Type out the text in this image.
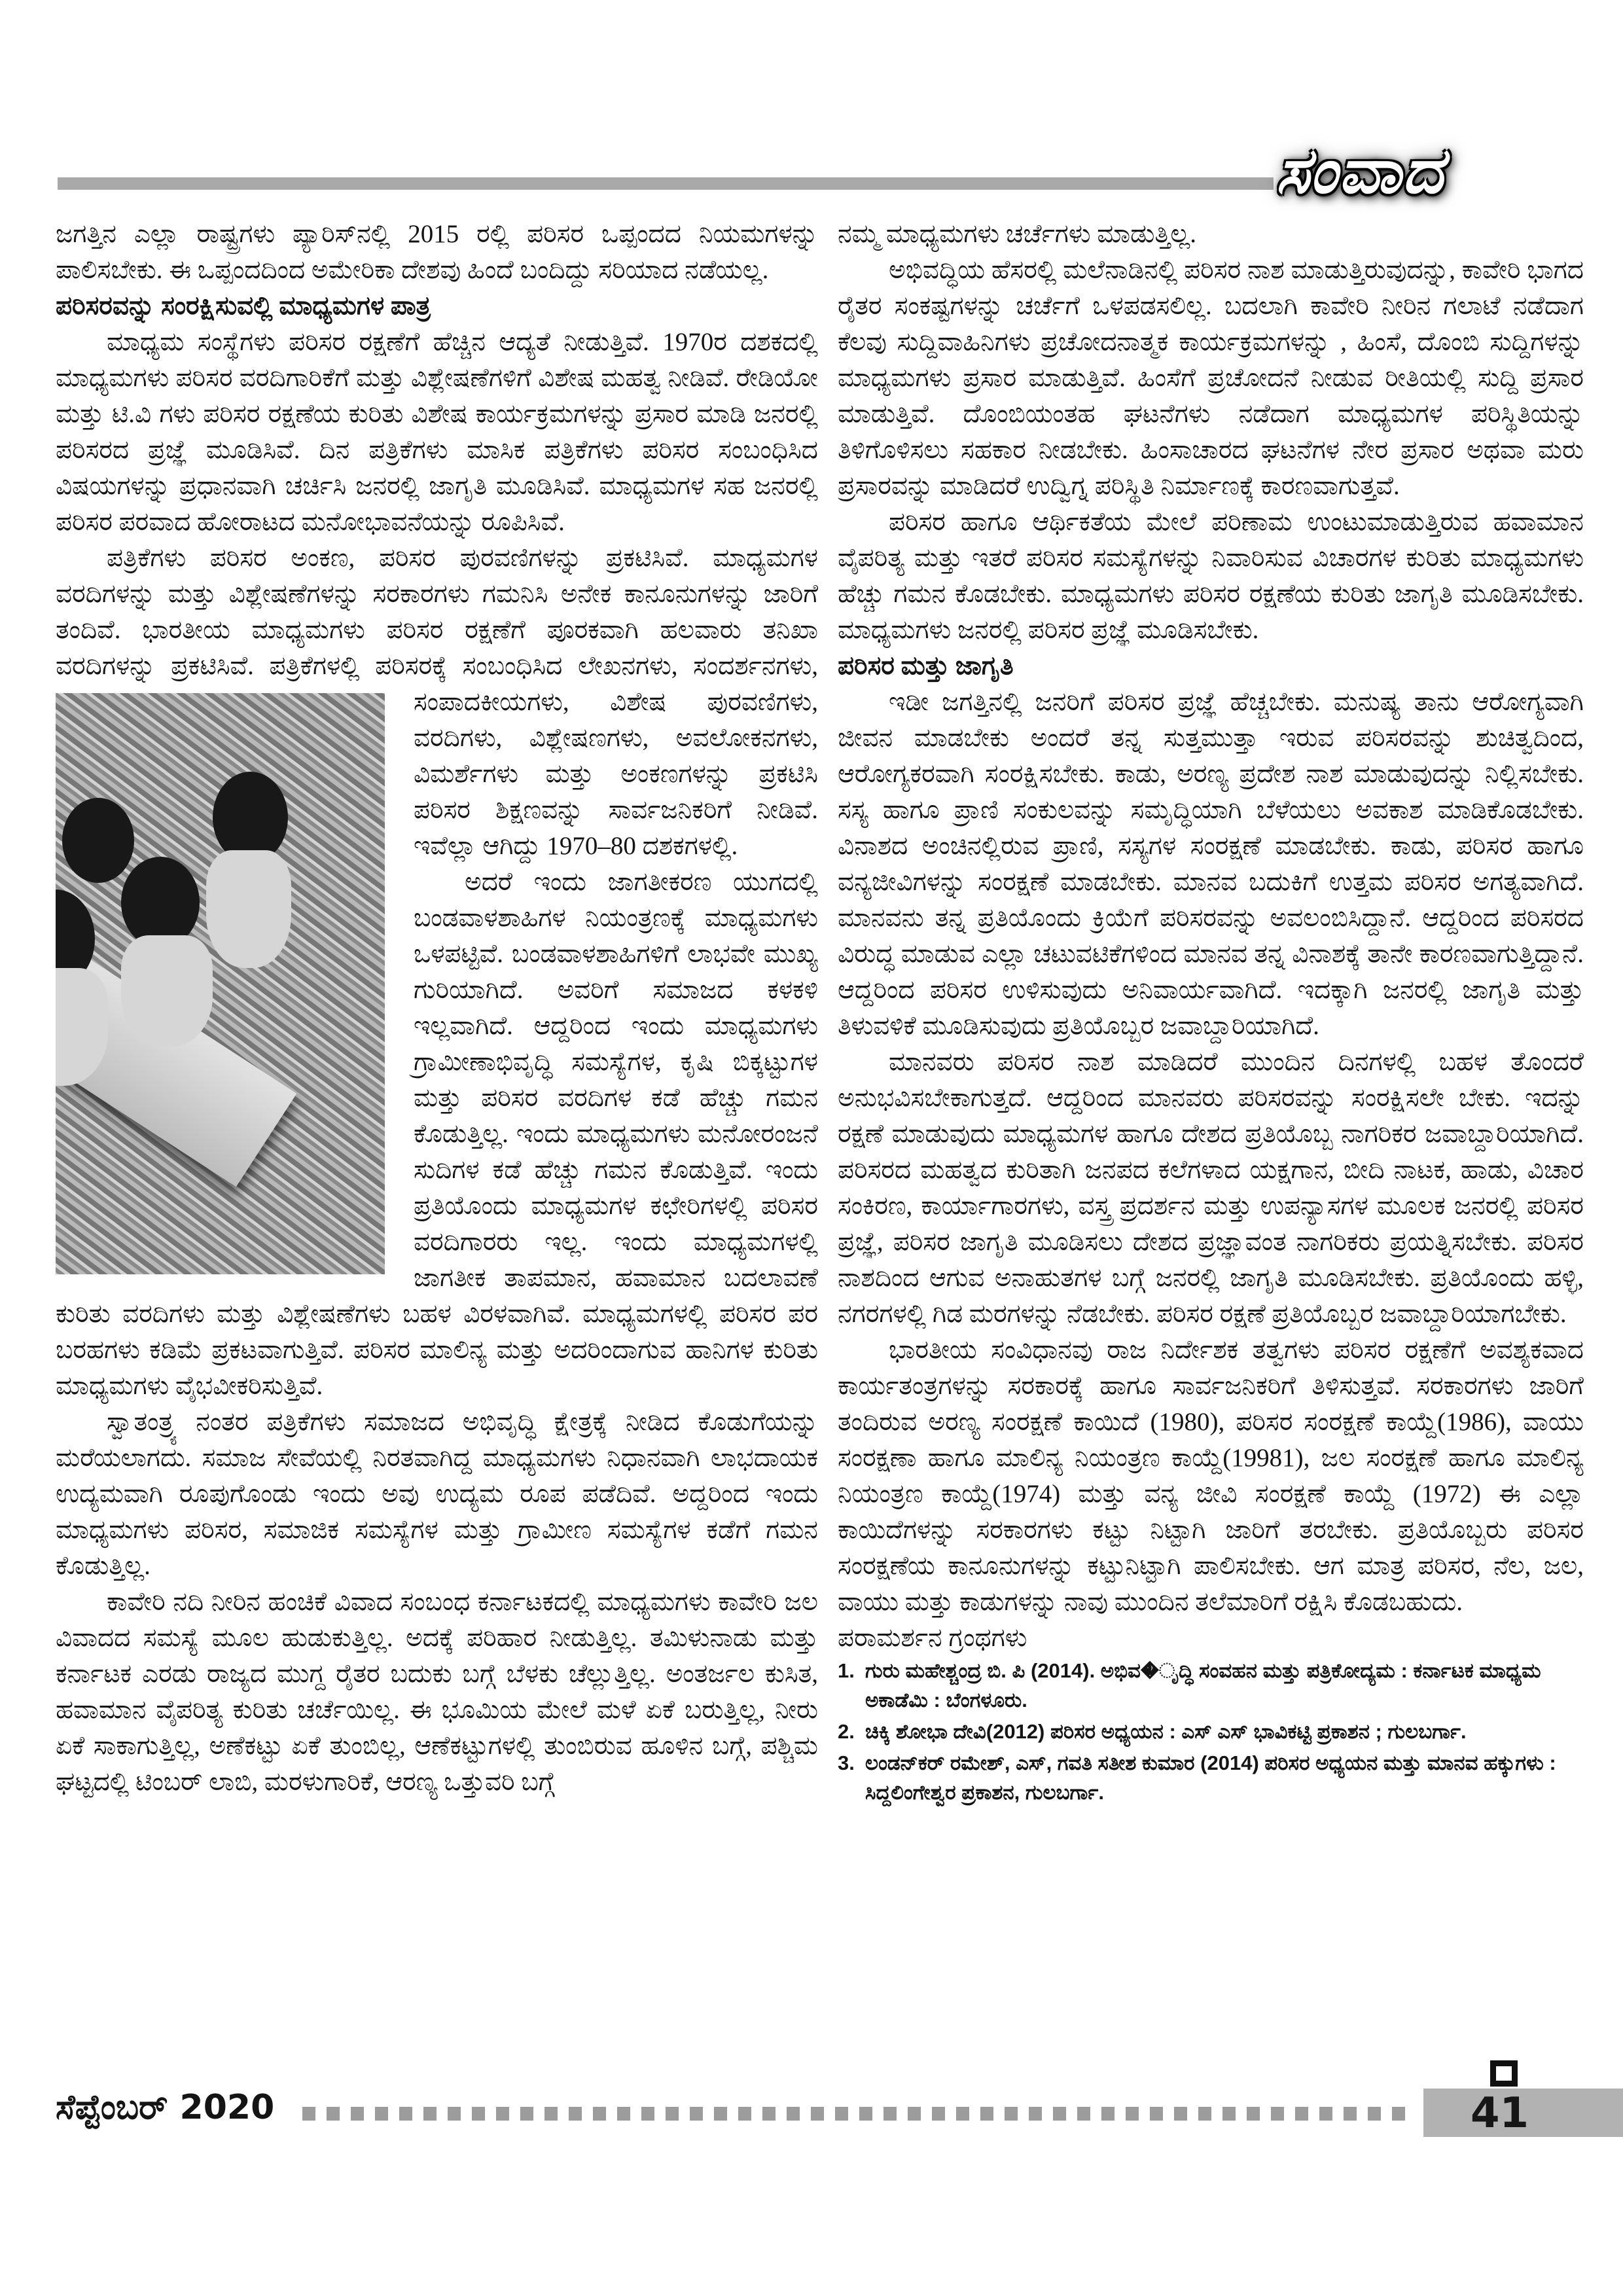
ಸಂವಾದ

ಜಗತ್ತಿನ ಎಲ್ಲಾ ರಾಷ್ಟ್ರಗಳು ಪ್ಯಾರಿಸ್‌ನಲ್ಲಿ 2015 ರಲ್ಲಿ ಪರಿಸರ ಒಪ್ಪಂದದ ನಿಯಮಗಳನ್ನು ಪಾಲಿಸಬೇಕು. ಈ ಒಪ್ಪಂದದಿಂದ ಅಮೇರಿಕಾ ದೇಶವು ಹಿಂದೆ ಬಂದಿದ್ದು ಸರಿಯಾದ ನಡೆಯಲ್ಲ.

ಪರಿಸರವನ್ನು ಸಂರಕ್ಷಿಸುವಲ್ಲಿ ಮಾಧ್ಯಮಗಳ ಪಾತ್ರ

ಮಾಧ್ಯಮ ಸಂಸ್ಥೆಗಳು ಪರಿಸರ ರಕ್ಷಣೆಗೆ ಹೆಚ್ಚಿನ ಆದ್ಯತೆ ನೀಡುತ್ತಿವೆ. 1970ರ ದಶಕದಲ್ಲಿ ಮಾಧ್ಯಮಗಳು ಪರಿಸರ ವರದಿಗಾರಿಕೆಗೆ ಮತ್ತು ವಿಶ್ಲೇಷಣೆಗಳಿಗೆ ವಿಶೇಷ ಮಹತ್ವ ನೀಡಿವೆ. ರೇಡಿಯೋ ಮತ್ತು ಟಿ.ವಿ ಗಳು ಪರಿಸರ ರಕ್ಷಣೆಯ ಕುರಿತು ವಿಶೇಷ ಕಾರ್ಯಕ್ರಮಗಳನ್ನು ಪ್ರಸಾರ ಮಾಡಿ ಜನರಲ್ಲಿ ಪರಿಸರದ ಪ್ರಜ್ಞೆ ಮೂಡಿಸಿವೆ. ದಿನ ಪತ್ರಿಕೆಗಳು ಮಾಸಿಕ ಪತ್ರಿಕೆಗಳು ಪರಿಸರ ಸಂಬಂಧಿಸಿದ ವಿಷಯಗಳನ್ನು ಪ್ರಧಾನವಾಗಿ ಚರ್ಚಿಸಿ ಜನರಲ್ಲಿ ಜಾಗೃತಿ ಮೂಡಿಸಿವೆ. ಮಾಧ್ಯಮಗಳ ಸಹ ಜನರಲ್ಲಿ ಪರಿಸರ ಪರವಾದ ಹೋರಾಟದ ಮನೋಭಾವನೆಯನ್ನು ರೂಪಿಸಿವೆ.

ಪತ್ರಿಕೆಗಳು ಪರಿಸರ ಅಂಕಣ, ಪರಿಸರ ಪುರವಣಿಗಳನ್ನು ಪ್ರಕಟಿಸಿವೆ. ಮಾಧ್ಯಮಗಳ ವರದಿಗಳನ್ನು ಮತ್ತು ವಿಶ್ಲೇಷಣೆಗಳನ್ನು ಸರಕಾರಗಳು ಗಮನಿಸಿ ಅನೇಕ ಕಾನೂನುಗಳನ್ನು ಜಾರಿಗೆ ತಂದಿವೆ. ಭಾರತೀಯ ಮಾಧ್ಯಮಗಳು ಪರಿಸರ ರಕ್ಷಣೆಗೆ ಪೂರಕವಾಗಿ ಹಲವಾರು ತನಿಖಾ ವರದಿಗಳನ್ನು ಪ್ರಕಟಿಸಿವೆ. ಪತ್ರಿಕೆಗಳಲ್ಲಿ ಪರಿಸರಕ್ಕೆ ಸಂಬಂಧಿಸಿದ ಲೇಖನಗಳು, ಸಂದರ್ಶನಗಳು, ಸಂಪಾದಕೀಯಗಳು, ವಿಶೇಷ ಪುರವಣಿಗಳು, ವರದಿಗಳು, ವಿಶ್ಲೇಷಣಗಳು, ಅವಲೋಕನಗಳು, ವಿಮರ್ಶೆಗಳು ಮತ್ತು ಅಂಕಣಗಳನ್ನು ಪ್ರಕಟಿಸಿ ಪರಿಸರ ಶಿಕ್ಷಣವನ್ನು ಸಾರ್ವಜನಿಕರಿಗೆ ನೀಡಿವೆ. ಇವೆಲ್ಲಾ ಆಗಿದ್ದು 1970–80 ದಶಕಗಳಲ್ಲಿ.

ಅದರೆ ಇಂದು ಜಾಗತೀಕರಣ ಯುಗದಲ್ಲಿ ಬಂಡವಾಳಶಾಹಿಗಳ ನಿಯಂತ್ರಣಕ್ಕೆ ಮಾಧ್ಯಮಗಳು ಒಳಪಟ್ಟಿವೆ. ಬಂಡವಾಳಶಾಹಿಗಳಿಗೆ ಲಾಭವೇ ಮುಖ್ಯ ಗುರಿಯಾಗಿದೆ. ಅವರಿಗೆ ಸಮಾಜದ ಕಳಕಳಿ ಇಲ್ಲವಾಗಿದೆ. ಆದ್ದರಿಂದ ಇಂದು ಮಾಧ್ಯಮಗಳು ಗ್ರಾಮೀಣಾಭಿವೃದ್ಧಿ ಸಮಸ್ಯೆಗಳ, ಕೃಷಿ ಬಿಕ್ಕಟ್ಟುಗಳ ಮತ್ತು ಪರಿಸರ ವರದಿಗಳ ಕಡೆ ಹೆಚ್ಚು ಗಮನ ಕೊಡುತ್ತಿಲ್ಲ. ಇಂದು ಮಾಧ್ಯಮಗಳು ಮನೋರಂಜನೆ ಸುದಿಗಳ ಕಡೆ ಹೆಚ್ಚು ಗಮನ ಕೊಡುತ್ತಿವೆ. ಇಂದು ಪ್ರತಿಯೊಂದು ಮಾಧ್ಯಮಗಳ ಕಛೇರಿಗಳಲ್ಲಿ ಪರಿಸರ ವರದಿಗಾರರು ಇಲ್ಲ. ಇಂದು ಮಾಧ್ಯಮಗಳಲ್ಲಿ ಜಾಗತೀಕ ತಾಪಮಾನ, ಹವಾಮಾನ ಬದಲಾವಣೆ ಕುರಿತು ವರದಿಗಳು ಮತ್ತು ವಿಶ್ಲೇಷಣೆಗಳು ಬಹಳ ವಿರಳವಾಗಿವೆ. ಮಾಧ್ಯಮಗಳಲ್ಲಿ ಪರಿಸರ ಪರ ಬರಹಗಳು ಕಡಿಮೆ ಪ್ರಕಟವಾಗುತ್ತಿವೆ. ಪರಿಸರ ಮಾಲಿನ್ಯ ಮತ್ತು ಅದರಿಂದಾಗುವ ಹಾನಿಗಳ ಕುರಿತು ಮಾಧ್ಯಮಗಳು ವೈಭವೀಕರಿಸುತ್ತಿವೆ.

ಸ್ವಾತಂತ್ರ್ಯ ನಂತರ ಪತ್ರಿಕೆಗಳು ಸಮಾಜದ ಅಭಿವೃದ್ಧಿ ಕ್ಷೇತ್ರಕ್ಕೆ ನೀಡಿದ ಕೊಡುಗೆಯನ್ನು ಮರೆಯಲಾಗದು. ಸಮಾಜ ಸೇವೆಯಲ್ಲಿ ನಿರತವಾಗಿದ್ದ ಮಾಧ್ಯಮಗಳು ನಿಧಾನವಾಗಿ ಲಾಭದಾಯಕ ಉದ್ಯಮವಾಗಿ ರೂಪುಗೊಂಡು ಇಂದು ಅವು ಉದ್ಯಮ ರೂಪ ಪಡೆದಿವೆ. ಅದ್ದರಿಂದ ಇಂದು ಮಾಧ್ಯಮಗಳು ಪರಿಸರ, ಸಮಾಜಿಕ ಸಮಸ್ಯೆಗಳ ಮತ್ತು ಗ್ರಾಮೀಣ ಸಮಸ್ಯೆಗಳ ಕಡೆಗೆ ಗಮನ ಕೊಡುತ್ತಿಲ್ಲ.

ಕಾವೇರಿ ನದಿ ನೀರಿನ ಹಂಚಿಕೆ ವಿವಾದ ಸಂಬಂಧ ಕರ್ನಾಟಕದಲ್ಲಿ ಮಾಧ್ಯಮಗಳು ಕಾವೇರಿ ಜಲ ವಿವಾದದ ಸಮಸ್ಯೆ ಮೂಲ ಹುಡುಕುತ್ತಿಲ್ಲ. ಅದಕ್ಕೆ ಪರಿಹಾರ ನೀಡುತ್ತಿಲ್ಲ. ತಮಿಳುನಾಡು ಮತ್ತು ಕರ್ನಾಟಕ ಎರಡು ರಾಜ್ಯದ ಮುಗ್ದ ರೈತರ ಬದುಕು ಬಗ್ಗೆ ಬೆಳಕು ಚೆಲ್ಲುತ್ತಿಲ್ಲ. ಅಂತರ್ಜಲ ಕುಸಿತ, ಹವಾಮಾನ ವೈಪರಿತ್ಯ ಕುರಿತು ಚರ್ಚೆಯಿಲ್ಲ. ಈ ಭೂಮಿಯ ಮೇಲೆ ಮಳೆ ಏಕೆ ಬರುತ್ತಿಲ್ಲ, ನೀರು ಏಕೆ ಸಾಕಾಗುತ್ತಿಲ್ಲ, ಅಣೆಕಟ್ಟು ಏಕೆ ತುಂಬಿಲ್ಲ, ಆಣೆಕಟ್ಟುಗಳಲ್ಲಿ ತುಂಬಿರುವ ಹೂಳಿನ ಬಗ್ಗೆ, ಪಶ್ಚಿಮ ಘಟ್ಟದಲ್ಲಿ ಟಿಂಬರ್ ಲಾಬಿ, ಮರಳುಗಾರಿಕೆ, ಆರಣ್ಯ ಒತ್ತುವರಿ ಬಗ್ಗೆ

ನಮ್ಮ ಮಾಧ್ಯಮಗಳು ಚರ್ಚೆಗಳು ಮಾಡುತ್ತಿಲ್ಲ.

ಅಭಿವದ್ಧಿಯ ಹೆಸರಲ್ಲಿ ಮಲೆನಾಡಿನಲ್ಲಿ ಪರಿಸರ ನಾಶ ಮಾಡುತ್ತಿರುವುದನ್ನು, ಕಾವೇರಿ ಭಾಗದ ರೈತರ ಸಂಕಷ್ಟಗಳನ್ನು ಚರ್ಚೆಗೆ ಒಳಪಡಸಲಿಲ್ಲ. ಬದಲಾಗಿ ಕಾವೇರಿ ನೀರಿನ ಗಲಾಟೆ ನಡೆದಾಗ ಕೆಲವು ಸುದ್ದಿವಾಹಿನಿಗಳು ಪ್ರಚೋದನಾತ್ಮಕ ಕಾರ್ಯಕ್ರಮಗಳನ್ನು , ಹಿಂಸೆ, ದೊಂಬಿ ಸುದ್ದಿಗಳನ್ನು ಮಾಧ್ಯಮಗಳು ಪ್ರಸಾರ ಮಾಡುತ್ತಿವೆ. ಹಿಂಸೆಗೆ ಪ್ರಚೋದನೆ ನೀಡುವ ರೀತಿಯಲ್ಲಿ ಸುದ್ದಿ ಪ್ರಸಾರ ಮಾಡುತ್ತಿವೆ. ದೊಂಬಿಯಂತಹ ಘಟನೆಗಳು ನಡೆದಾಗ ಮಾಧ್ಯಮಗಳ ಪರಿಸ್ಥಿತಿಯನ್ನು ತಿಳಿಗೊಳಿಸಲು ಸಹಕಾರ ನೀಡಬೇಕು. ಹಿಂಸಾಚಾರದ ಘಟನೆಗಳ ನೇರ ಪ್ರಸಾರ ಅಥವಾ ಮರು ಪ್ರಸಾರವನ್ನು ಮಾಡಿದರೆ ಉದ್ವಿಗ್ನ ಪರಿಸ್ಥಿತಿ ನಿರ್ಮಾಣಕ್ಕೆ ಕಾರಣವಾಗುತ್ತವೆ.

ಪರಿಸರ ಹಾಗೂ ಆರ್ಥಿಕತೆಯ ಮೇಲೆ ಪರಿಣಾಮ ಉಂಟುಮಾಡುತ್ತಿರುವ ಹವಾಮಾನ ವೈಪರಿತ್ಯ ಮತ್ತು ಇತರೆ ಪರಿಸರ ಸಮಸ್ಯೆಗಳನ್ನು ನಿವಾರಿಸುವ ವಿಚಾರಗಳ ಕುರಿತು ಮಾಧ್ಯಮಗಳು ಹೆಚ್ಚು ಗಮನ ಕೊಡಬೇಕು. ಮಾಧ್ಯಮಗಳು ಪರಿಸರ ರಕ್ಷಣೆಯ ಕುರಿತು ಜಾಗೃತಿ ಮೂಡಿಸಬೇಕು. ಮಾಧ್ಯಮಗಳು ಜನರಲ್ಲಿ ಪರಿಸರ ಪ್ರಜ್ಞೆ ಮೂಡಿಸಬೇಕು.

ಪರಿಸರ ಮತ್ತು ಜಾಗೃತಿ

ಇಡೀ ಜಗತ್ತಿನಲ್ಲಿ ಜನರಿಗೆ ಪರಿಸರ ಪ್ರಜ್ಞೆ ಹೆಚ್ಚಬೇಕು. ಮನುಷ್ಯ ತಾನು ಆರೋಗ್ಯವಾಗಿ ಜೀವನ ಮಾಡಬೇಕು ಅಂದರೆ ತನ್ನ ಸುತ್ತಮುತ್ತಾ ಇರುವ ಪರಿಸರವನ್ನು ಶುಚಿತ್ವದಿಂದ, ಆರೋಗ್ಯಕರವಾಗಿ ಸಂರಕ್ಷಿಸಬೇಕು. ಕಾಡು, ಅರಣ್ಯ ಪ್ರದೇಶ ನಾಶ ಮಾಡುವುದನ್ನು ನಿಲ್ಲಿಸಬೇಕು. ಸಸ್ಯ ಹಾಗೂ ಪ್ರಾಣಿ ಸಂಕುಲವನ್ನು ಸಮೃದ್ಧಿಯಾಗಿ ಬೆಳೆಯಲು ಅವಕಾಶ ಮಾಡಿಕೊಡಬೇಕು. ವಿನಾಶದ ಅಂಚಿನಲ್ಲಿರುವ ಪ್ರಾಣಿ, ಸಸ್ಯಗಳ ಸಂರಕ್ಷಣೆ ಮಾಡಬೇಕು. ಕಾಡು, ಪರಿಸರ ಹಾಗೂ ವನ್ಯಜೀವಿಗಳನ್ನು ಸಂರಕ್ಷಣೆ ಮಾಡಬೇಕು. ಮಾನವ ಬದುಕಿಗೆ ಉತ್ತಮ ಪರಿಸರ ಅಗತ್ಯವಾಗಿದೆ. ಮಾನವನು ತನ್ನ ಪ್ರತಿಯೊಂದು ಕ್ರಿಯೆಗೆ ಪರಿಸರವನ್ನು ಅವಲಂಬಿಸಿದ್ದಾನೆ. ಆದ್ದರಿಂದ ಪರಿಸರದ ವಿರುದ್ಧ ಮಾಡುವ ಎಲ್ಲಾ ಚಟುವಟಿಕೆಗಳಿಂದ ಮಾನವ ತನ್ನ ವಿನಾಶಕ್ಕೆ ತಾನೇ ಕಾರಣವಾಗುತ್ತಿದ್ದಾನೆ. ಆದ್ದರಿಂದ ಪರಿಸರ ಉಳಿಸುವುದು ಅನಿವಾರ್ಯವಾಗಿದೆ. ಇದಕ್ಕಾಗಿ ಜನರಲ್ಲಿ ಜಾಗೃತಿ ಮತ್ತು ತಿಳುವಳಿಕೆ ಮೂಡಿಸುವುದು ಪ್ರತಿಯೊಬ್ಬರ ಜವಾಬ್ದಾರಿಯಾಗಿದೆ.

ಮಾನವರು ಪರಿಸರ ನಾಶ ಮಾಡಿದರೆ ಮುಂದಿನ ದಿನಗಳಲ್ಲಿ ಬಹಳ ತೊಂದರೆ ಅನುಭವಿಸಬೇಕಾಗುತ್ತದೆ. ಆದ್ದರಿಂದ ಮಾನವರು ಪರಿಸರವನ್ನು ಸಂರಕ್ಷಿಸಲೇ ಬೇಕು. ಇದನ್ನು ರಕ್ಷಣೆ ಮಾಡುವುದು ಮಾಧ್ಯಮಗಳ ಹಾಗೂ ದೇಶದ ಪ್ರತಿಯೊಬ್ಬ ನಾಗರಿಕರ ಜವಾಬ್ದಾರಿಯಾಗಿದೆ. ಪರಿಸರದ ಮಹತ್ವದ ಕುರಿತಾಗಿ ಜನಪದ ಕಲೆಗಳಾದ ಯಕ್ಷಗಾನ, ಬೀದಿ ನಾಟಕ, ಹಾಡು, ವಿಚಾರ ಸಂಕಿರಣ, ಕಾರ್ಯಾಗಾರಗಳು, ವಸ್ತ್ರ ಪ್ರದರ್ಶನ ಮತ್ತು ಉಪನ್ಯಾಸಗಳ ಮೂಲಕ ಜನರಲ್ಲಿ ಪರಿಸರ ಪ್ರಜ್ಞೆ, ಪರಿಸರ ಜಾಗೃತಿ ಮೂಡಿಸಲು ದೇಶದ ಪ್ರಜ್ಞಾವಂತ ನಾಗರಿಕರು ಪ್ರಯತ್ನಿಸಬೇಕು. ಪರಿಸರ ನಾಶದಿಂದ ಆಗುವ ಅನಾಹುತಗಳ ಬಗ್ಗೆ ಜನರಲ್ಲಿ ಜಾಗೃತಿ ಮೂಡಿಸಬೇಕು. ಪ್ರತಿಯೊಂದು ಹಳ್ಳಿ, ನಗರಗಳಲ್ಲಿ ಗಿಡ ಮರಗಳನ್ನು ನೆಡಬೇಕು. ಪರಿಸರ ರಕ್ಷಣೆ ಪ್ರತಿಯೊಬ್ಬರ ಜವಾಬ್ದಾರಿಯಾಗಬೇಕು.

ಭಾರತೀಯ ಸಂವಿಧಾನವು ರಾಜ ನಿರ್ದೇಶಕ ತತ್ವಗಳು ಪರಿಸರ ರಕ್ಷಣೆಗೆ ಅವಶ್ಯಕವಾದ ಕಾರ್ಯತಂತ್ರಗಳನ್ನು ಸರಕಾರಕ್ಕೆ ಹಾಗೂ ಸಾರ್ವಜನಿಕರಿಗೆ ತಿಳಿಸುತ್ತವೆ. ಸರಕಾರಗಳು ಜಾರಿಗೆ ತಂದಿರುವ ಅರಣ್ಯ ಸಂರಕ್ಷಣೆ ಕಾಯಿದೆ (1980), ಪರಿಸರ ಸಂರಕ್ಷಣೆ ಕಾಯ್ದೆ(1986), ವಾಯು ಸಂರಕ್ಷಣಾ ಹಾಗೂ ಮಾಲಿನ್ಯ ನಿಯಂತ್ರಣ ಕಾಯ್ದೆ(19981), ಜಲ ಸಂರಕ್ಷಣೆ ಹಾಗೂ ಮಾಲಿನ್ಯ ನಿಯಂತ್ರಣ ಕಾಯ್ದೆ(1974) ಮತ್ತು ವನ್ಯ ಜೀವಿ ಸಂರಕ್ಷಣೆ ಕಾಯ್ದೆ (1972) ಈ ಎಲ್ಲಾ ಕಾಯಿದೆಗಳನ್ನು ಸರಕಾರಗಳು ಕಟ್ಟು ನಿಟ್ಟಾಗಿ ಜಾರಿಗೆ ತರಬೇಕು. ಪ್ರತಿಯೊಬ್ಬರು ಪರಿಸರ ಸಂರಕ್ಷಣೆಯ ಕಾನೂನುಗಳನ್ನು ಕಟ್ಟುನಿಟ್ಟಾಗಿ ಪಾಲಿಸಬೇಕು. ಆಗ ಮಾತ್ರ ಪರಿಸರ, ನೆಲ, ಜಲ, ವಾಯು ಮತ್ತು ಕಾಡುಗಳನ್ನು ನಾವು ಮುಂದಿನ ತಲೆಮಾರಿಗೆ ರಕ್ಷಿಸಿ ಕೊಡಬಹುದು.

ಪರಾಮರ್ಶನ ಗ್ರಂಥಗಳು

1. ಗುರು ಮಹೇಶ್ಚಂದ್ರ ಬಿ. ಪಿ (2014). ಅಭಿವ�ೃದ್ಧಿ ಸಂವಹನ ಮತ್ತು ಪತ್ರಿಕೋದ್ಯಮ : ಕರ್ನಾಟಕ ಮಾಧ್ಯಮ ಅಕಾಡೆಮಿ : ಬೆಂಗಳೂರು.
2. ಚಿಕ್ಕಿ ಶೋಭಾ ದೇವಿ(2012) ಪರಿಸರ ಅಧ್ಯಯನ : ಎಸ್ ಎಸ್ ಭಾವಿಕಟ್ಟಿ ಪ್ರಕಾಶನ ; ಗುಲಬರ್ಗಾ.
3. ಲಂಡನ್‌ಕರ್ ರಮೇಶ್, ಎಸ್, ಗವತಿ ಸತೀಶ ಕುಮಾರ (2014) ಪರಿಸರ ಅಧ್ಯಯನ ಮತ್ತು ಮಾನವ ಹಕ್ಕುಗಳು : ಸಿದ್ದಲಿಂಗೇಶ್ವರ ಪ್ರಕಾಶನ, ಗುಲಬರ್ಗಾ.
ಸೆಪ್ಟೆಂಬರ್ 2020	41
